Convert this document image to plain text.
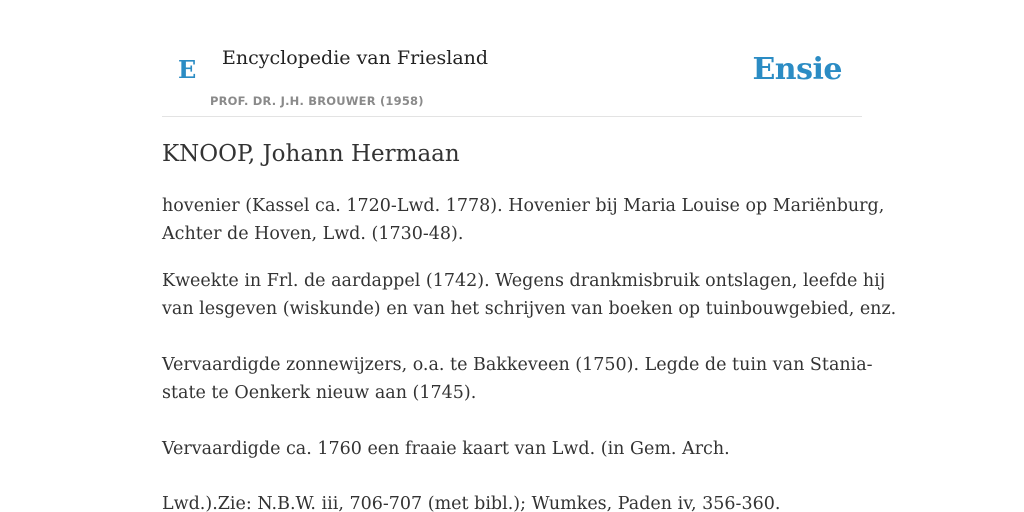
E Encyclopedie van Friesland
PROF. DR. J.H. BROUWER (1958)
Ensie
KNOOP, Johann Hermaan

hovenier (Kassel ca. 1720-Lwd. 1778). Hovenier bij Maria Louise op Mariënburg,
Achter de Hoven, Lwd. (1730-48).

Kweekte in Frl. de aardappel (1742). Wegens drankmisbruik ontslagen, leefde hij
van lesgeven (wiskunde) en van het schrijven van boeken op tuinbouwgebied, enz.

Vervaardigde zonnewijzers, o.a. te Bakkeveen (1750). Legde de tuin van Stania-
state te Oenkerk nieuw aan (1745).

Vervaardigde ca. 1760 een fraaie kaart van Lwd. (in Gem. Arch.

Lwd.).Zie: N.B.W. iii, 706-707 (met bibl.); Wumkes, Paden iv, 356-360.
